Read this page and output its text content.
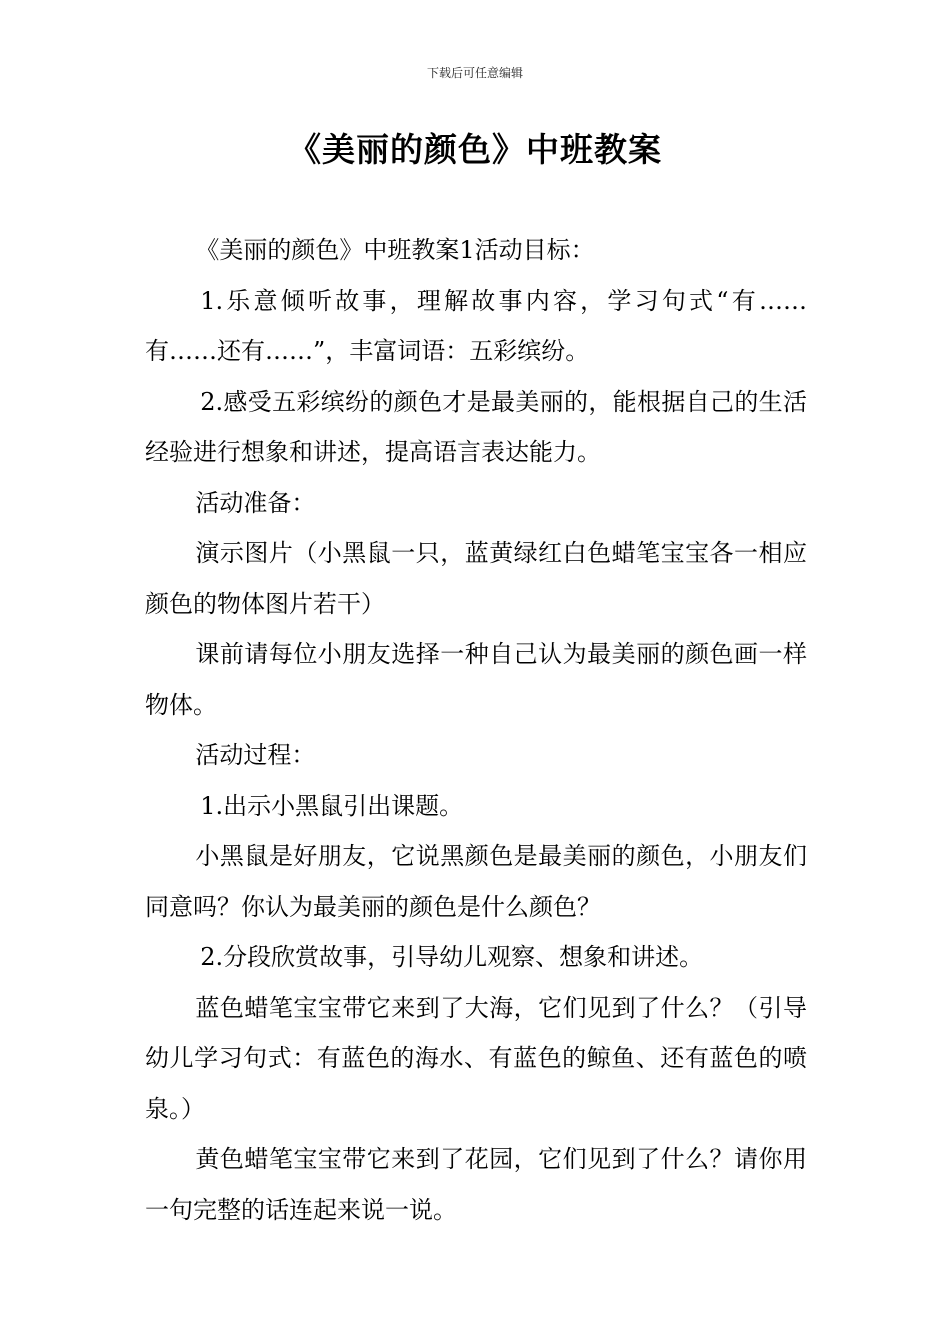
下载后可任意编辑
《美丽的颜色》中班教案

《美丽的颜色》中班教案1活动目标：

1.乐意倾听故事，理解故事内容，学习句式“有……有……还有……”，丰富词语：五彩缤纷。

2.感受五彩缤纷的颜色才是最美丽的，能根据自己的生活经验进行想象和讲述，提高语言表达能力。

活动准备：

演示图片（小黑鼠一只，蓝黄绿红白色蜡笔宝宝各一相应颜色的物体图片若干）

课前请每位小朋友选择一种自己认为最美丽的颜色画一样物体。

活动过程：

1.出示小黑鼠引出课题。

小黑鼠是好朋友，它说黑颜色是最美丽的颜色，小朋友们同意吗？你认为最美丽的颜色是什么颜色？

2.分段欣赏故事，引导幼儿观察、想象和讲述。

蓝色蜡笔宝宝带它来到了大海，它们见到了什么？（引导幼儿学习句式：有蓝色的海水、有蓝色的鲸鱼、还有蓝色的喷泉。）

黄色蜡笔宝宝带它来到了花园，它们见到了什么？请你用一句完整的话连起来说一说。
